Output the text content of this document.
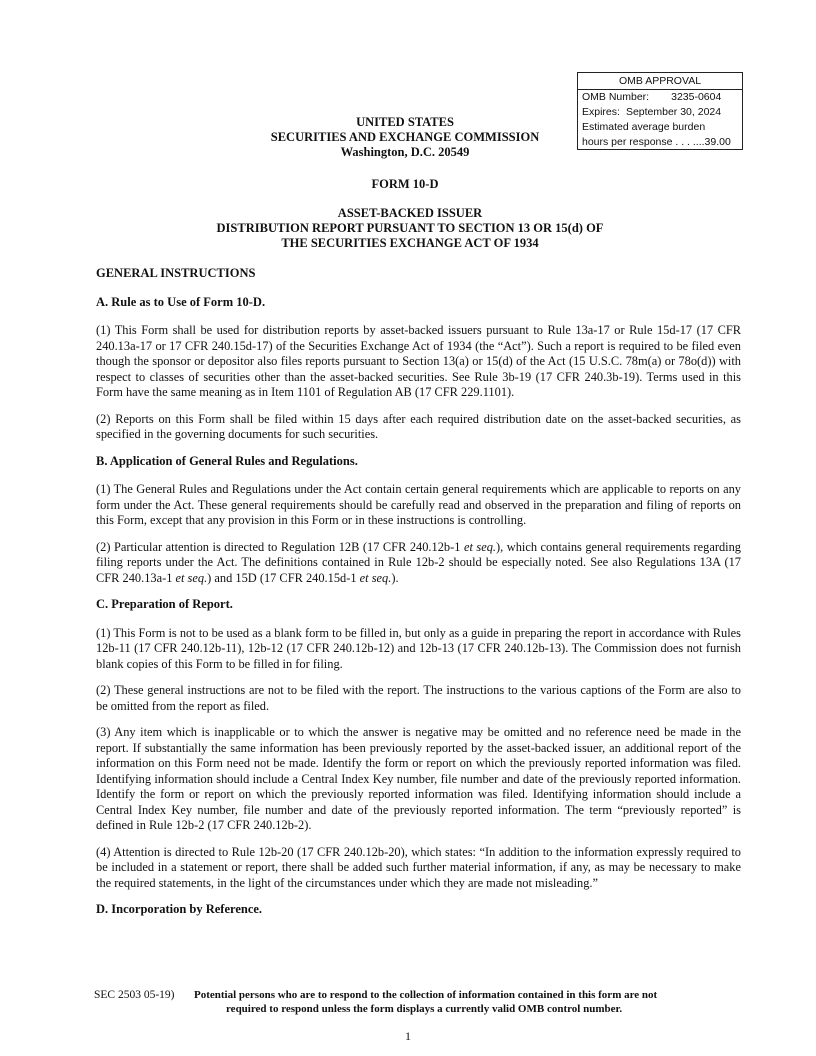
OMB APPROVAL
OMB Number: 3235-0604
Expires: September 30, 2024
Estimated average burden
hours per response . . . ....39.00
UNITED STATES
SECURITIES AND EXCHANGE COMMISSION
Washington, D.C. 20549
FORM 10-D
ASSET-BACKED ISSUER
DISTRIBUTION REPORT PURSUANT TO SECTION 13 OR 15(d) OF
THE SECURITIES EXCHANGE ACT OF 1934
GENERAL INSTRUCTIONS
A. Rule as to Use of Form 10-D.

(1) This Form shall be used for distribution reports by asset-backed issuers pursuant to Rule 13a-17 or Rule 15d-17 (17 CFR 240.13a-17 or 17 CFR 240.15d-17) of the Securities Exchange Act of 1934 (the “Act”). Such a report is required to be filed even though the sponsor or depositor also files reports pursuant to Section 13(a) or 15(d) of the Act (15 U.S.C. 78m(a) or 78o(d)) with respect to classes of securities other than the asset-backed securities. See Rule 3b-19 (17 CFR 240.3b-19). Terms used in this Form have the same meaning as in Item 1101 of Regulation AB (17 CFR 229.1101).

(2) Reports on this Form shall be filed within 15 days after each required distribution date on the asset-backed securities, as specified in the governing documents for such securities.

B. Application of General Rules and Regulations.

(1) The General Rules and Regulations under the Act contain certain general requirements which are applicable to reports on any form under the Act. These general requirements should be carefully read and observed in the preparation and filing of reports on this Form, except that any provision in this Form or in these instructions is controlling.

(2) Particular attention is directed to Regulation 12B (17 CFR 240.12b-1 et seq.), which contains general requirements regarding filing reports under the Act. The definitions contained in Rule 12b-2 should be especially noted. See also Regulations 13A (17 CFR 240.13a-1 et seq.) and 15D (17 CFR 240.15d-1 et seq.).

C. Preparation of Report.

(1) This Form is not to be used as a blank form to be filled in, but only as a guide in preparing the report in accordance with Rules 12b-11 (17 CFR 240.12b-11), 12b-12 (17 CFR 240.12b-12) and 12b-13 (17 CFR 240.12b-13). The Commission does not furnish blank copies of this Form to be filled in for filing.

(2) These general instructions are not to be filed with the report. The instructions to the various captions of the Form are also to be omitted from the report as filed.

(3) Any item which is inapplicable or to which the answer is negative may be omitted and no reference need be made in the report. If substantially the same information has been previously reported by the asset-backed issuer, an additional report of the information on this Form need not be made. Identify the form or report on which the previously reported information was filed. Identifying information should include a Central Index Key number, file number and date of the previously reported information. Identify the form or report on which the previously reported information was filed. Identifying information should include a Central Index Key number, file number and date of the previously reported information. The term “previously reported” is defined in Rule 12b-2 (17 CFR 240.12b-2).

(4) Attention is directed to Rule 12b-20 (17 CFR 240.12b-20), which states: “In addition to the information expressly required to be included in a statement or report, there shall be added such further material information, if any, as may be necessary to make the required statements, in the light of the circumstances under which they are made not misleading.”

D. Incorporation by Reference.
SEC 2503 05-19) Potential persons who are to respond to the collection of information contained in this form are not
required to respond unless the form displays a currently valid OMB control number.
1
